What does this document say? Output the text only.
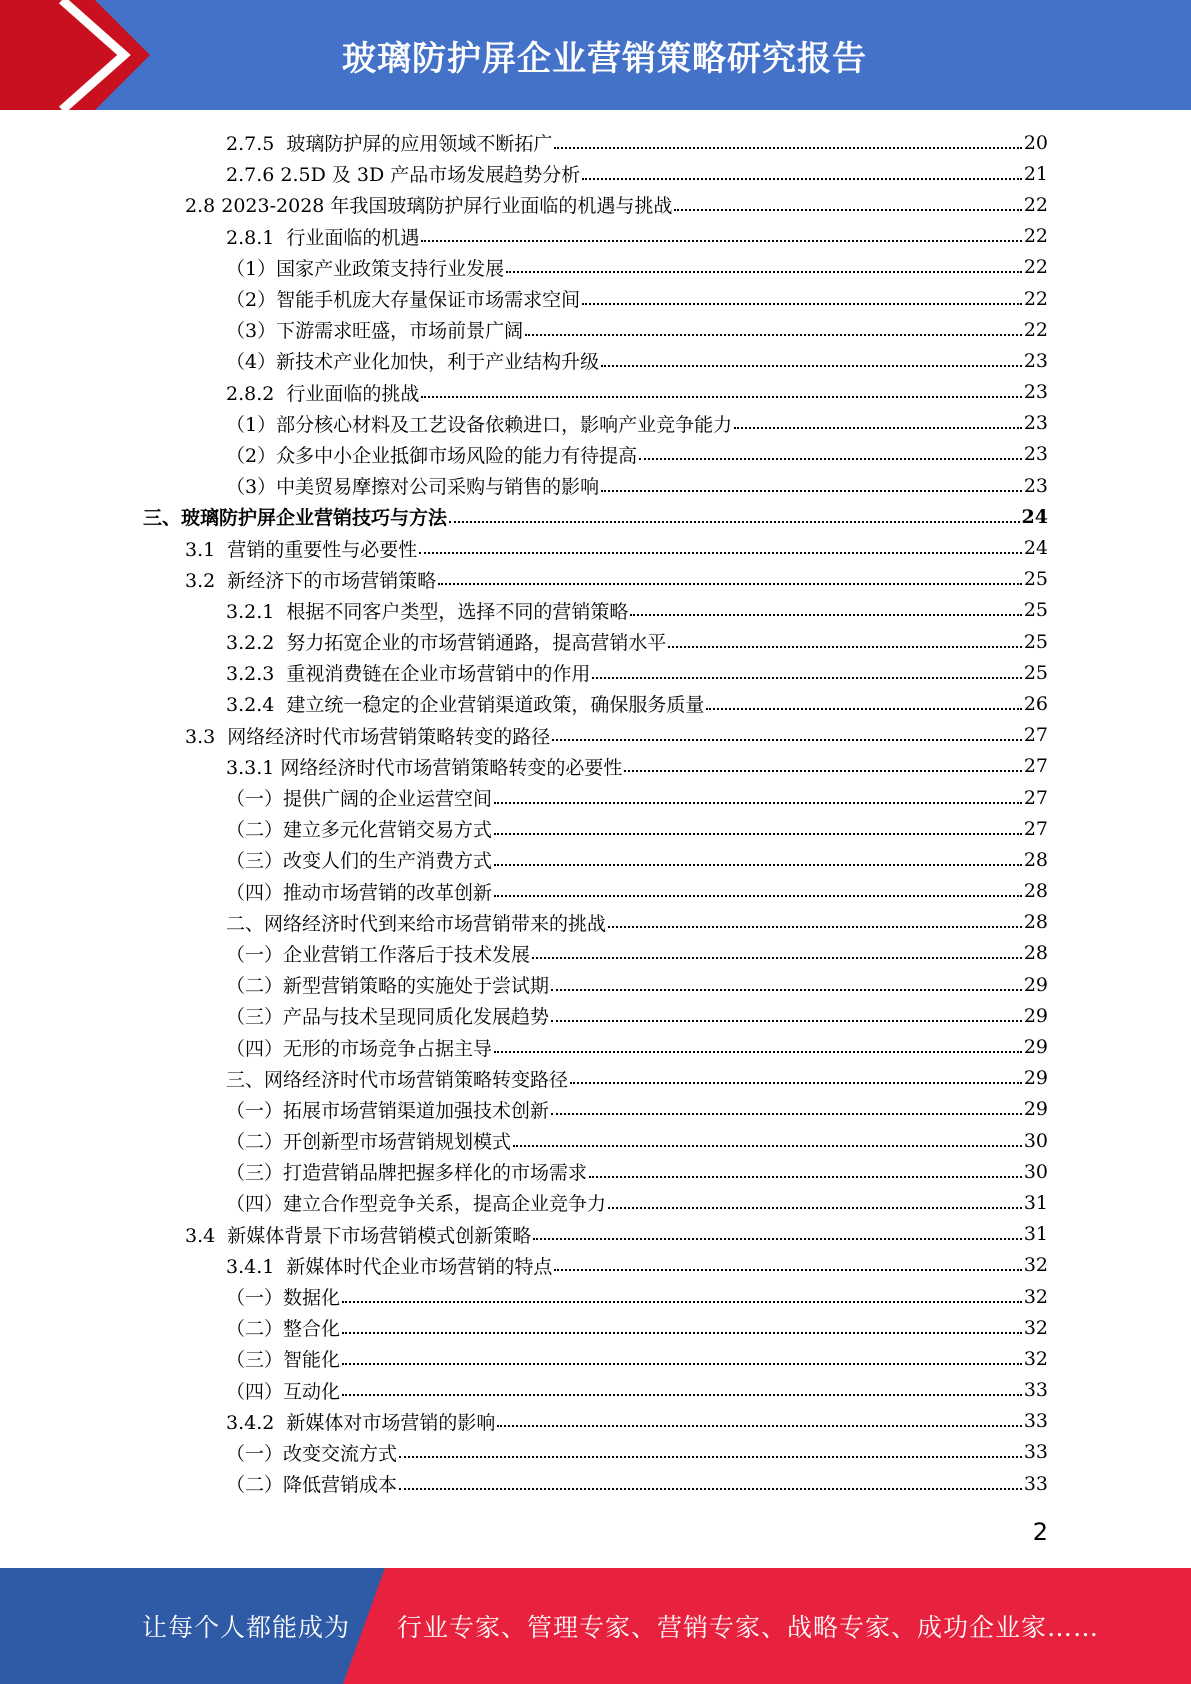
玻璃防护屏企业营销策略研究报告
2.7.5  玻璃防护屏的应用领域不断拓广	20
2.7.6 2.5D 及 3D 产品市场发展趋势分析	21
2.8 2023-2028 年我国玻璃防护屏行业面临的机遇与挑战	22
2.8.1  行业面临的机遇	22
（1）国家产业政策支持行业发展	22
（2）智能手机庞大存量保证市场需求空间	22
（3）下游需求旺盛，市场前景广阔	22
（4）新技术产业化加快，利于产业结构升级	23
2.8.2  行业面临的挑战	23
（1）部分核心材料及工艺设备依赖进口，影响产业竞争能力	23
（2）众多中小企业抵御市场风险的能力有待提高	23
（3）中美贸易摩擦对公司采购与销售的影响	23
三、玻璃防护屏企业营销技巧与方法	24
3.1  营销的重要性与必要性	24
3.2  新经济下的市场营销策略	25
3.2.1  根据不同客户类型，选择不同的营销策略	25
3.2.2  努力拓宽企业的市场营销通路，提高营销水平	25
3.2.3  重视消费链在企业市场营销中的作用	25
3.2.4  建立统一稳定的企业营销渠道政策，确保服务质量	26
3.3  网络经济时代市场营销策略转变的路径	27
3.3.1 网络经济时代市场营销策略转变的必要性	27
（一）提供广阔的企业运营空间	27
（二）建立多元化营销交易方式	27
（三）改变人们的生产消费方式	28
（四）推动市场营销的改革创新	28
二、网络经济时代到来给市场营销带来的挑战	28
（一）企业营销工作落后于技术发展	28
（二）新型营销策略的实施处于尝试期	29
（三）产品与技术呈现同质化发展趋势	29
（四）无形的市场竞争占据主导	29
三、网络经济时代市场营销策略转变路径	29
（一）拓展市场营销渠道加强技术创新	29
（二）开创新型市场营销规划模式	30
（三）打造营销品牌把握多样化的市场需求	30
（四）建立合作型竞争关系，提高企业竞争力	31
3.4  新媒体背景下市场营销模式创新策略	31
3.4.1  新媒体时代企业市场营销的特点	32
（一）数据化	32
（二）整合化	32
（三）智能化	32
（四）互动化	33
3.4.2  新媒体对市场营销的影响	33
（一）改变交流方式	33
（二）降低营销成本	33
2
让每个人都能成为 行业专家、管理专家、营销专家、战略专家、成功企业家……
